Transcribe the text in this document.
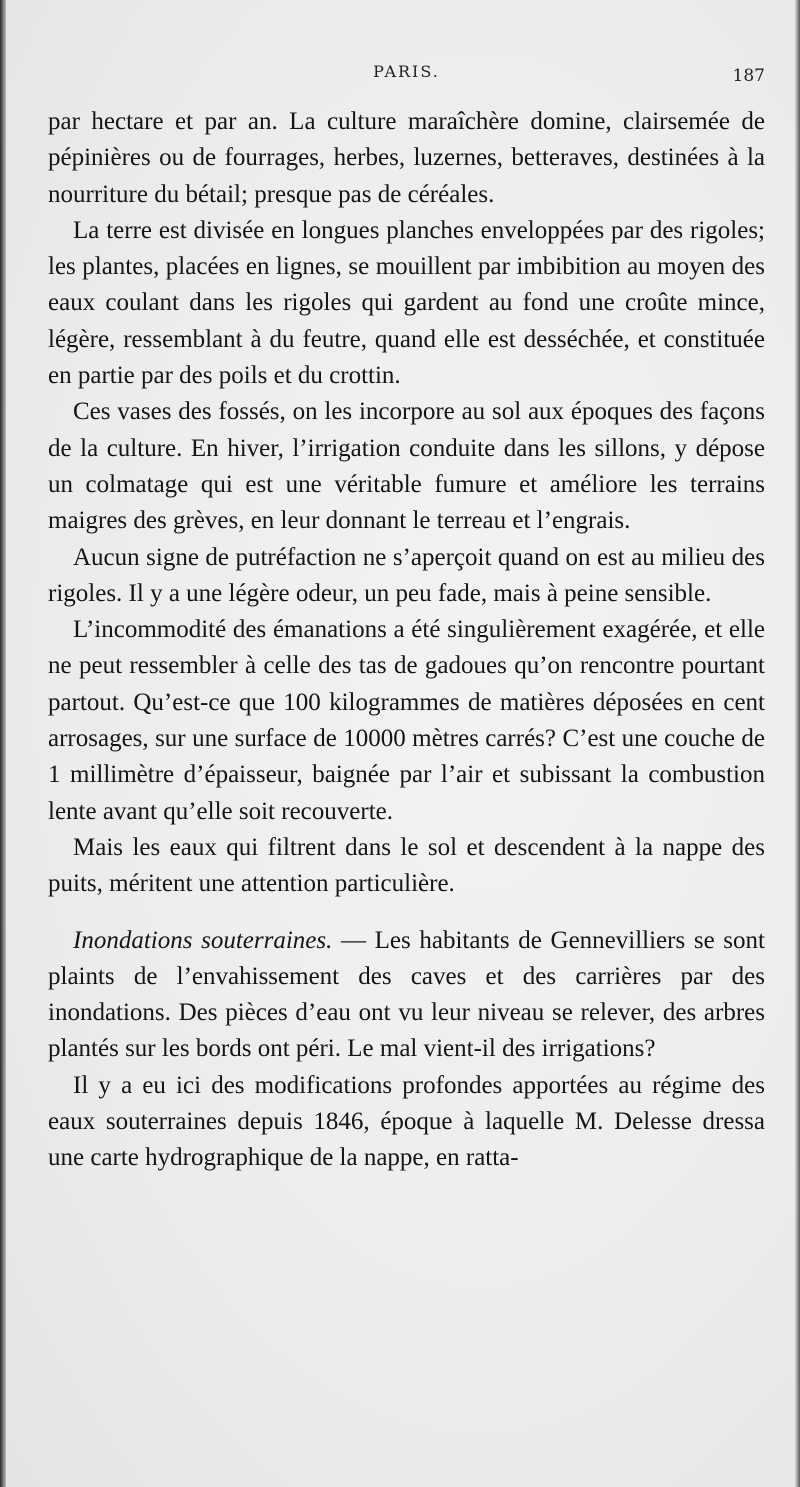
PARIS.	187

par hectare et par an. La culture maraîchère domine, clairsemée de pépinières ou de fourrages, herbes, luzernes, betteraves, destinées à la nourriture du bétail; presque pas de céréales.

La terre est divisée en longues planches enveloppées par des rigoles; les plantes, placées en lignes, se mouillent par imbibition au moyen des eaux coulant dans les rigoles qui gardent au fond une croûte mince, légère, ressemblant à du feutre, quand elle est desséchée, et constituée en partie par des poils et du crottin.

Ces vases des fossés, on les incorpore au sol aux époques des façons de la culture. En hiver, l’irrigation conduite dans les sillons, y dépose un colmatage qui est une véritable fumure et améliore les terrains maigres des grèves, en leur donnant le terreau et l’engrais.

Aucun signe de putréfaction ne s’aperçoit quand on est au milieu des rigoles. Il y a une légère odeur, un peu fade, mais à peine sensible.

L’incommodité des émanations a été singulièrement exagérée, et elle ne peut ressembler à celle des tas de gadoues qu’on rencontre pourtant partout. Qu’est-ce que 100 kilogrammes de matières déposées en cent arrosages, sur une surface de 10000 mètres carrés? C’est une couche de 1 millimètre d’épaisseur, baignée par l’air et subissant la combustion lente avant qu’elle soit recouverte.

Mais les eaux qui filtrent dans le sol et descendent à la nappe des puits, méritent une attention particulière.

Inondations souterraines. — Les habitants de Gennevilliers se sont plaints de l’envahissement des caves et des carrières par des inondations. Des pièces d’eau ont vu leur niveau se relever, des arbres plantés sur les bords ont péri. Le mal vient-il des irrigations?

Il y a eu ici des modifications profondes apportées au régime des eaux souterraines depuis 1846, époque à laquelle M. Delesse dressa une carte hydrographique de la nappe, en ratta-
